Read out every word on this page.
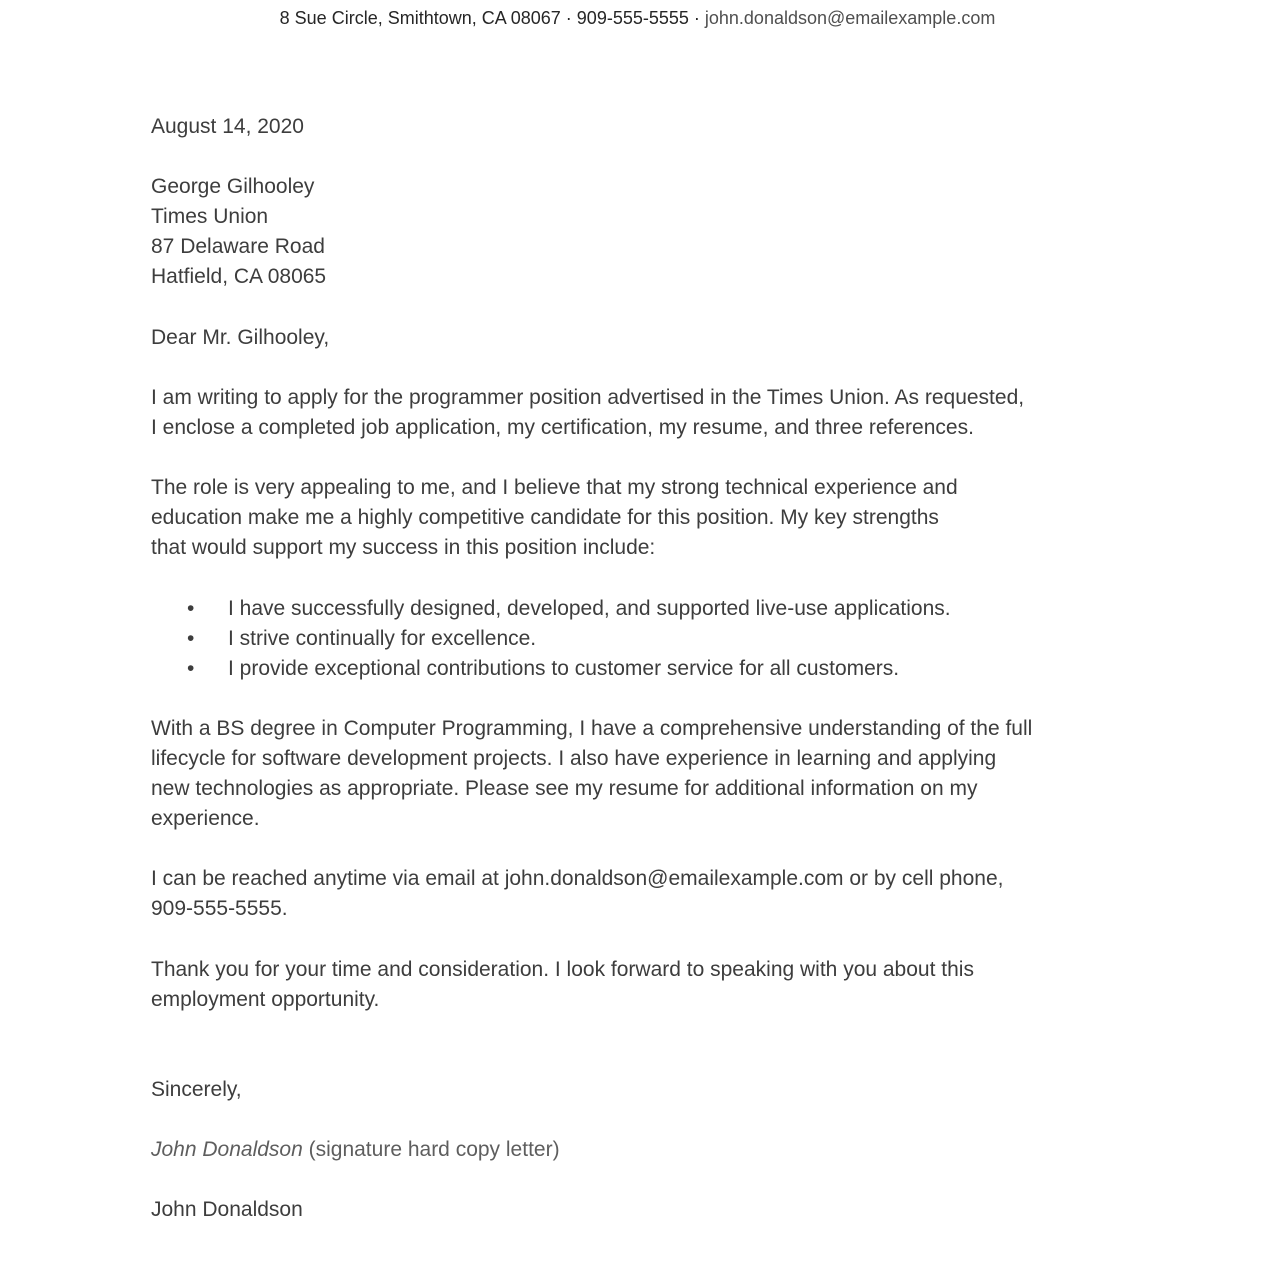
8 Sue Circle, Smithtown, CA 08067 · 909-555-5555 · john.donaldson@emailexample.com
August 14, 2020
George Gilhooley
Times Union
87 Delaware Road
Hatfield, CA 08065
Dear Mr. Gilhooley,
I am writing to apply for the programmer position advertised in the Times Union. As requested,
I enclose a completed job application, my certification, my resume, and three references.
The role is very appealing to me, and I believe that my strong technical experience and
education make me a highly competitive candidate for this position. My key strengths
that would support my success in this position include:
• I have successfully designed, developed, and supported live-use applications.
• I strive continually for excellence.
• I provide exceptional contributions to customer service for all customers.
With a BS degree in Computer Programming, I have a comprehensive understanding of the full
lifecycle for software development projects. I also have experience in learning and applying
new technologies as appropriate. Please see my resume for additional information on my
experience.
I can be reached anytime via email at john.donaldson@emailexample.com or by cell phone,
909-555-5555.
Thank you for your time and consideration. I look forward to speaking with you about this
employment opportunity.
Sincerely,
John Donaldson (signature hard copy letter)
John Donaldson
